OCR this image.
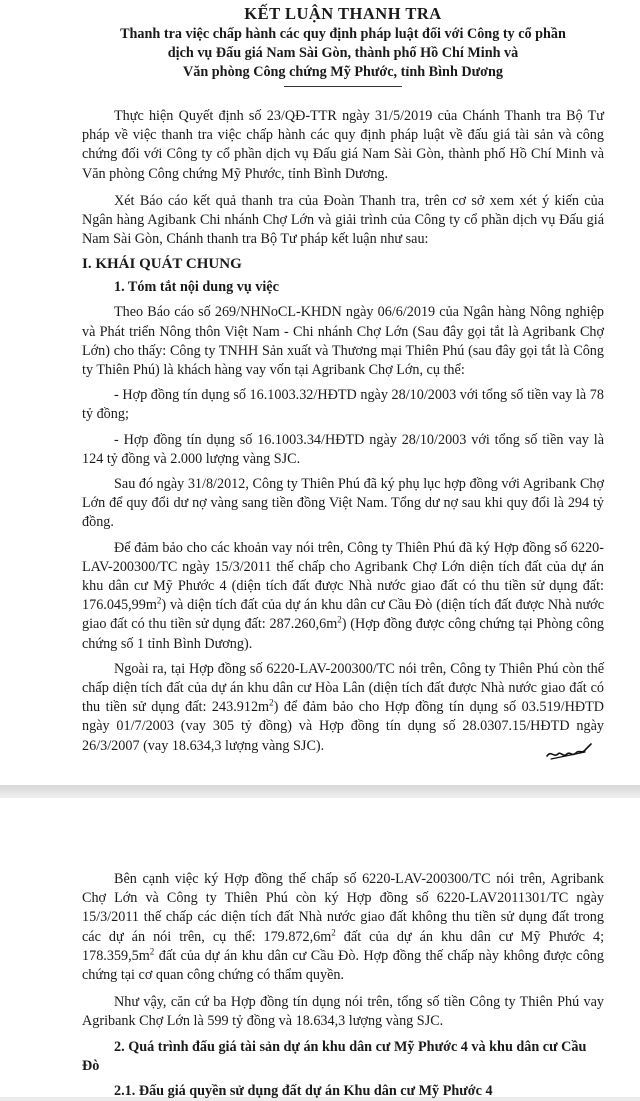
KẾT LUẬN THANH TRA
Thanh tra việc chấp hành các quy định pháp luật đối với Công ty cổ phần
dịch vụ Đấu giá Nam Sài Gòn, thành phố Hồ Chí Minh và
Văn phòng Công chứng Mỹ Phước, tỉnh Bình Dương

Thực hiện Quyết định số 23/QĐ-TTR ngày 31/5/2019 của Chánh Thanh tra Bộ Tư pháp về việc thanh tra việc chấp hành các quy định pháp luật về đấu giá tài sản và công chứng đối với Công ty cổ phần dịch vụ Đấu giá Nam Sài Gòn, thành phố Hồ Chí Minh và Văn phòng Công chứng Mỹ Phước, tỉnh Bình Dương.

Xét Báo cáo kết quả thanh tra của Đoàn Thanh tra, trên cơ sở xem xét ý kiến của Ngân hàng Agibank Chi nhánh Chợ Lớn và giải trình của Công ty cổ phần dịch vụ Đấu giá Nam Sài Gòn, Chánh thanh tra Bộ Tư pháp kết luận như sau:

I. KHÁI QUÁT CHUNG
1. Tóm tắt nội dung vụ việc

Theo Báo cáo số 269/NHNoCL-KHDN ngày 06/6/2019 của Ngân hàng Nông nghiệp và Phát triển Nông thôn Việt Nam - Chi nhánh Chợ Lớn (Sau đây gọi tắt là Agribank Chợ Lớn) cho thấy: Công ty TNHH Sản xuất và Thương mại Thiên Phú (sau đây gọi tắt là Công ty Thiên Phú) là khách hàng vay vốn tại Agribank Chợ Lớn, cụ thể:

- Hợp đồng tín dụng số 16.1003.32/HĐTD ngày 28/10/2003 với tổng số tiền vay là 78 tỷ đồng;

- Hợp đồng tín dụng số 16.1003.34/HĐTD ngày 28/10/2003 với tổng số tiền vay là 124 tỷ đồng và 2.000 lượng vàng SJC.

Sau đó ngày 31/8/2012, Công ty Thiên Phú đã ký phụ lục hợp đồng với Agribank Chợ Lớn để quy đổi dư nợ vàng sang tiền đồng Việt Nam. Tổng dư nợ sau khi quy đổi là 294 tỷ đồng.

Để đảm bảo cho các khoản vay nói trên, Công ty Thiên Phú đã ký Hợp đồng số 6220-LAV-200300/TC ngày 15/3/2011 thế chấp cho Agribank Chợ Lớn diện tích đất của dự án khu dân cư Mỹ Phước 4 (diện tích đất được Nhà nước giao đất có thu tiền sử dụng đất: $176.045,99m^2$) và diện tích đất của dự án khu dân cư Cầu Đò (diện tích đất được Nhà nước giao đất có thu tiền sử dụng đất: $287.260,6m^2$) (Hợp đồng được công chứng tại Phòng công chứng số 1 tỉnh Bình Dương).

Ngoài ra, tại Hợp đồng số 6220-LAV-200300/TC nói trên, Công ty Thiên Phú còn thế chấp diện tích đất của dự án khu dân cư Hòa Lân (diện tích đất được Nhà nước giao đất có thu tiền sử dụng đất: $243.912m^2$) để đảm bảo cho Hợp đồng tín dụng số 03.519/HĐTD ngày 01/7/2003 (vay 305 tỷ đồng) và Hợp đồng tín dụng số 28.0307.15/HĐTD ngày 26/3/2007 (vay 18.634,3 lượng vàng SJC).

Bên cạnh việc ký Hợp đồng thế chấp số 6220-LAV-200300/TC nói trên, Agribank Chợ Lớn và Công ty Thiên Phú còn ký Hợp đồng số 6220-LAV2011301/TC ngày 15/3/2011 thế chấp các diện tích đất Nhà nước giao đất không thu tiền sử dụng đất trong các dự án nói trên, cụ thể: $179.872,6m^2$ đất của dự án khu dân cư Mỹ Phước 4; $178.359,5m^2$ đất của dự án khu dân cư Cầu Đò. Hợp đồng thế chấp này không được công chứng tại cơ quan công chứng có thẩm quyền.

Như vậy, căn cứ ba Hợp đồng tín dụng nói trên, tổng số tiền Công ty Thiên Phú vay Agribank Chợ Lớn là 599 tỷ đồng và 18.634,3 lượng vàng SJC.

2. Quá trình đấu giá tài sản dự án khu dân cư Mỹ Phước 4 và khu dân cư Cầu Đò
2.1. Đấu giá quyền sử dụng đất dự án Khu dân cư Mỹ Phước 4
